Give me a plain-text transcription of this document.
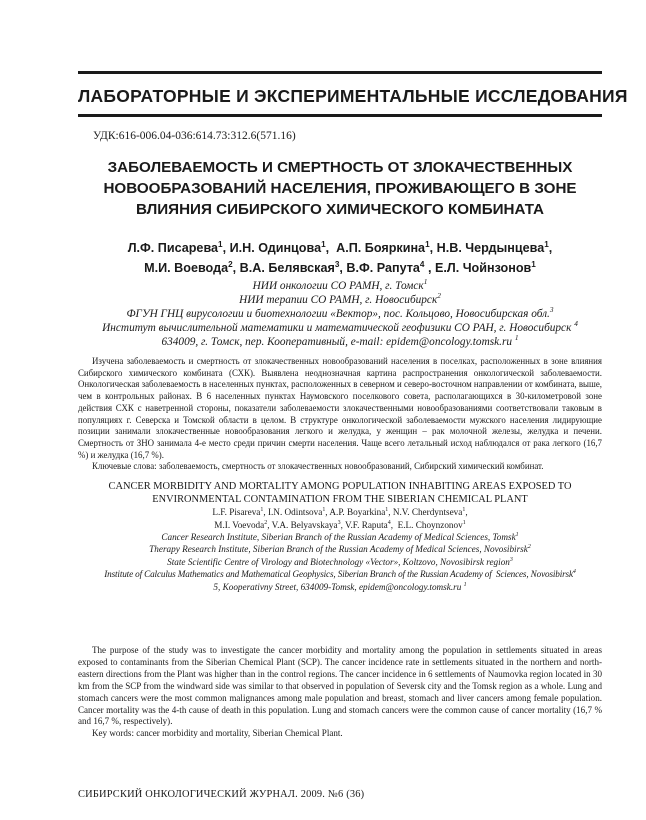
ЛАБОРАТОРНЫЕ И ЭКСПЕРИМЕНТАЛЬНЫЕ ИССЛЕДОВАНИЯ
УДК:616-006.04-036:614.73:312.6(571.16)
ЗАБОЛЕВАЕМОСТЬ И СМЕРТНОСТЬ ОТ ЗЛОКАЧЕСТВЕННЫХ
НОВООБРАЗОВАНИЙ НАСЕЛЕНИЯ, ПРОЖИВАЮЩЕГО В ЗОНЕ
ВЛИЯНИЯ СИБИРСКОГО ХИМИЧЕСКОГО КОМБИНАТА
Л.Ф. Писарева$^1$, И.Н. Одинцова$^1$,  А.П. Бояркина$^1$, Н.В. Чердынцева$^1$,
М.И. Воевода$^2$, В.А. Белявская$^3$, В.Ф. Рапута$^4$ , Е.Л. Чойнзонов$^1$
НИИ онкологии СО РАМН, г. Томск$^1$
НИИ терапии СО РАМН, г. Новосибирск$^2$
ФГУН ГНЦ вирусологии и биотехнологии «Вектор», пос. Кольцово, Новосибирская обл.$^3$
Институт вычислительной математики и математической геофизики СО РАН, г. Новосибирск $^4$
634009, г. Томск, пер. Кооперативный, e-mail: epidem@oncology.tomsk.ru $^1$

Изучена заболеваемость и смертность от злокачественных новообразований населения в поселках, расположенных в зоне влияния Сибирского химического комбината (СХК). Выявлена неоднозначная картина распространения онкологической заболеваемости. Онкологическая заболеваемость в населенных пунктах, расположенных в северном и северо-восточном направлении от комбината, выше, чем в контрольных районах. В 6 населенных пунктах Наумовского поселкового совета, располагающихся в 30-километровой зоне действия СХК с наветренной стороны, показатели заболеваемости злокачественными новообразованиями соответствовали таковым в популяциях г. Северска и Томской области в целом. В структуре онкологической заболеваемости мужского населения лидирующие позиции занимали злокачественные новообразования легкого и желудка, у женщин – рак молочной железы, желудка и печени. Смертность от ЗНО занимала 4-е место среди причин смерти населения. Чаще всего летальный исход наблюдался от рака легкого (16,7 %) и желудка (16,7 %).

Ключевые слова: заболеваемость, смертность от злокачественных новообразований, Сибирский химический комбинат.

CANCER MORBIDITY AND MORTALITY AMONG POPULATION INHABITING AREAS EXPOSED TO
ENVIRONMENTAL CONTAMINATION FROM THE SIBERIAN CHEMICAL PLANT
L.F. Pisareva$^1$, I.N. Odintsova$^1$, A.P. Boyarkina$^1$, N.V. Cherdyntseva$^1$,
M.I. Voevoda$^2$, V.A. Belyavskaya$^3$, V.F. Raputa$^4$,  E.L. Choynzonov$^1$
Cancer Research Institute, Siberian Branch of the Russian Academy of Medical Sciences, Tomsk$^1$
Therapy Research Institute, Siberian Branch of the Russian Academy of Medical Sciences, Novosibirsk$^2$
State Scientific Centre of Virology and Biotechnology «Vector», Koltzovo, Novosibirsk region$^3$
Institute of Calculus Mathematics and Mathematical Geophysics, Siberian Branch of the Russian Academy of  Sciences, Novosibirsk$^4$
5, Kooperativny Street, 634009-Tomsk, epidem@oncology.tomsk.ru $^1$

The purpose of the study was to investigate the cancer morbidity and mortality among the population in settlements situated in areas exposed to contaminants from the Siberian Chemical Plant (SCP). The cancer incidence rate in settlements situated in the northern and north-eastern directions from the Plant was higher than in the control regions. The cancer incidence in 6 settlements of Naumovka region located in 30 km from the SCP from the windward side was similar to that observed in population of Seversk city and the Tomsk region as a whole. Lung and stomach cancers were the most common malignances among male population and breast, stomach and liver cancers among female population. Cancer mortality was the 4-th cause of death in this population. Lung and stomach cancers were the common cause of cancer mortality (16,7 % and 16,7 %, respectively).

Key words: cancer morbidity and mortality, Siberian Chemical Plant.

СИБИРСКИЙ ОНКОЛОГИЧЕСКИЙ ЖУРНАЛ. 2009. №6 (36)
